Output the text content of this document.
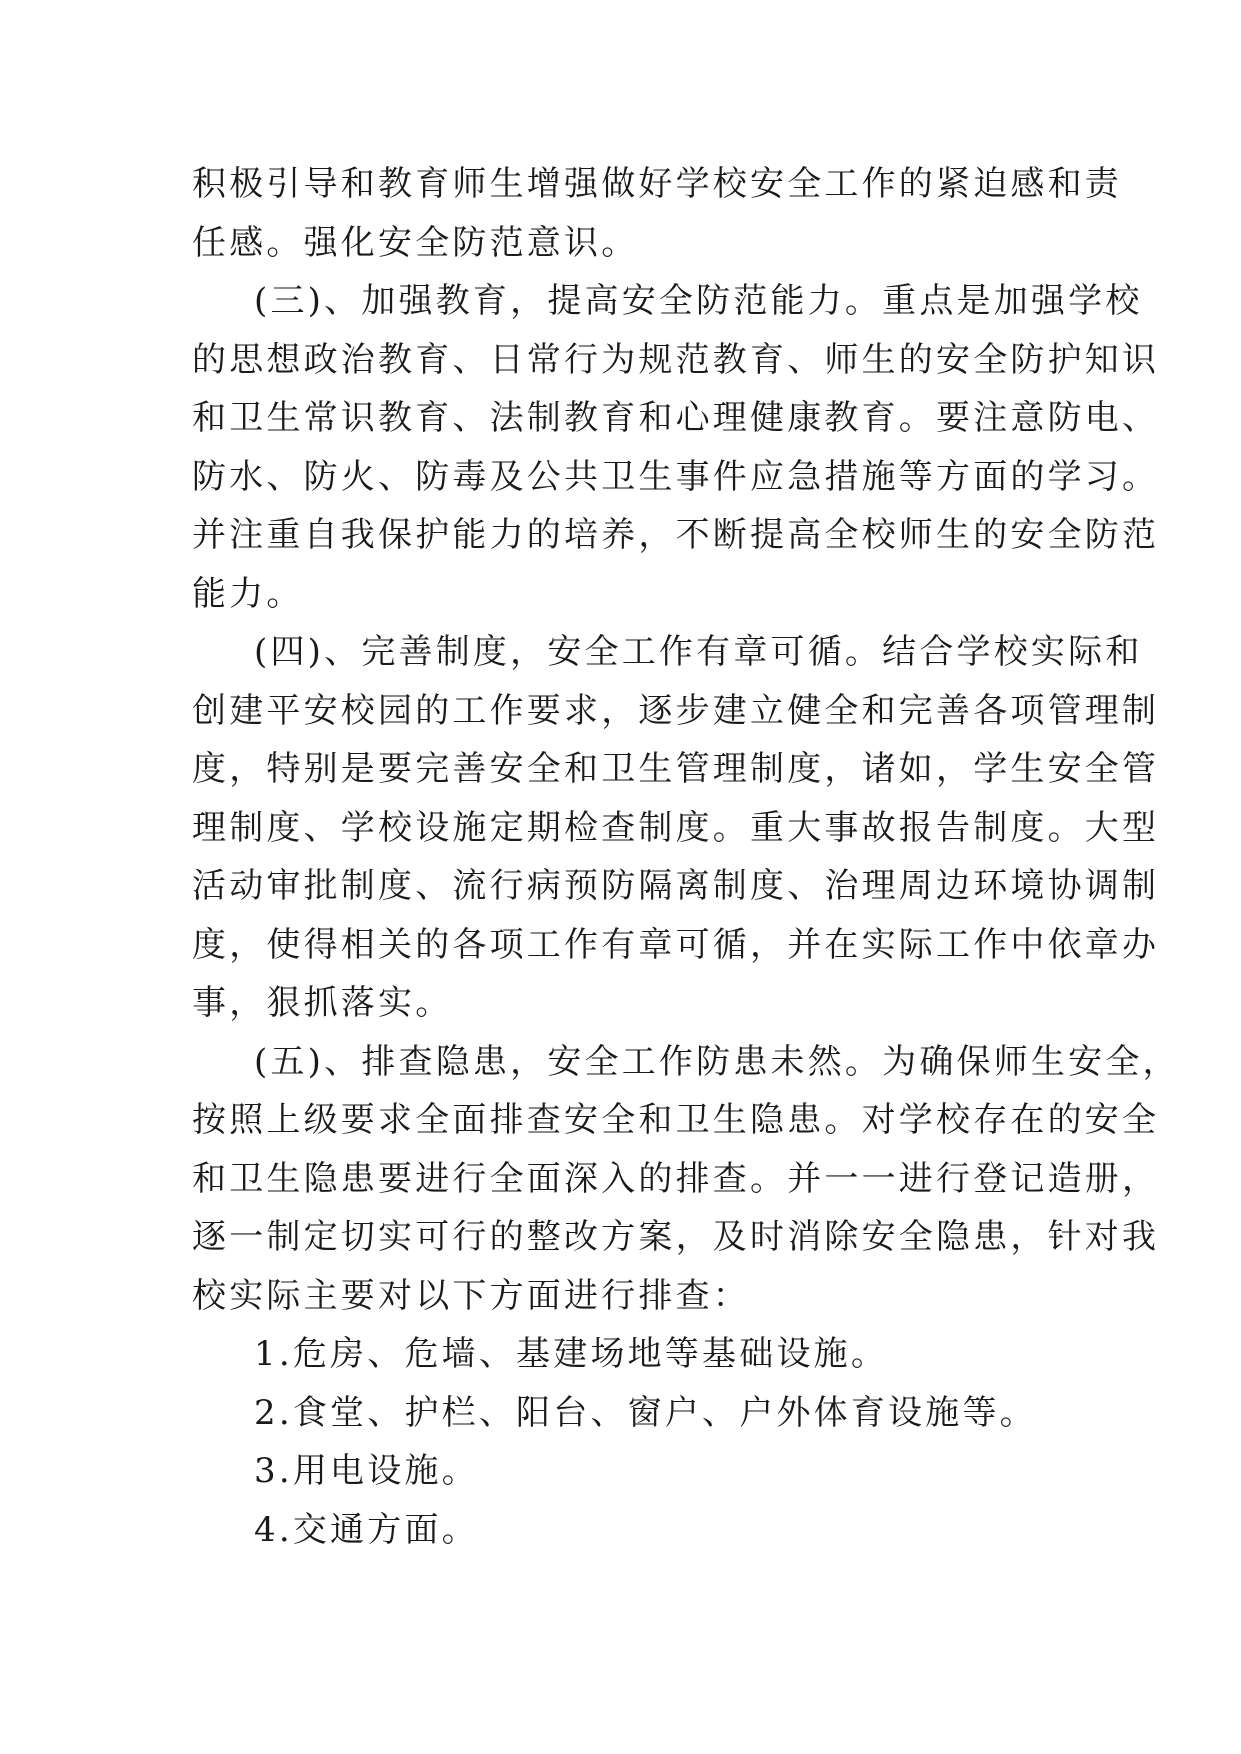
积极引导和教育师生增强做好学校安全工作的紧迫感和责
任感。强化安全防范意识。
(三)、加强教育，提高安全防范能力。重点是加强学校
的思想政治教育、日常行为规范教育、师生的安全防护知识
和卫生常识教育、法制教育和心理健康教育。要注意防电、
防水、防火、防毒及公共卫生事件应急措施等方面的学习。
并注重自我保护能力的培养，不断提高全校师生的安全防范
能力。
(四)、完善制度，安全工作有章可循。结合学校实际和
创建平安校园的工作要求，逐步建立健全和完善各项管理制
度，特别是要完善安全和卫生管理制度，诸如，学生安全管
理制度、学校设施定期检查制度。重大事故报告制度。大型
活动审批制度、流行病预防隔离制度、治理周边环境协调制
度，使得相关的各项工作有章可循，并在实际工作中依章办
事，狠抓落实。
(五)、排查隐患，安全工作防患未然。为确保师生安全，
按照上级要求全面排查安全和卫生隐患。对学校存在的安全
和卫生隐患要进行全面深入的排查。并一一进行登记造册，
逐一制定切实可行的整改方案，及时消除安全隐患，针对我
校实际主要对以下方面进行排查：
1.危房、危墙、基建场地等基础设施。
2.食堂、护栏、阳台、窗户、户外体育设施等。
3.用电设施。
4.交通方面。
